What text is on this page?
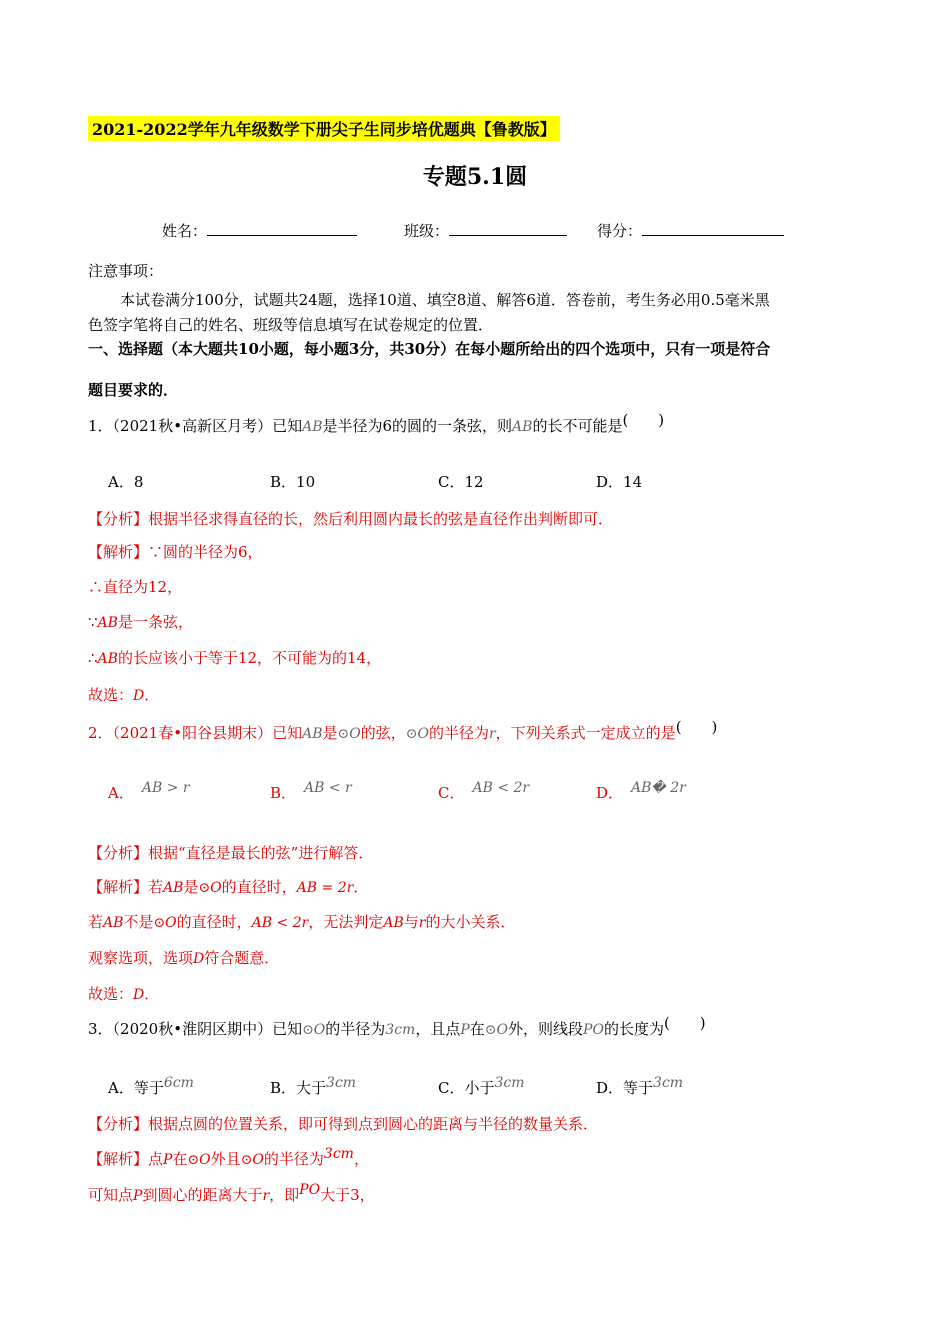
2021-2022学年九年级数学下册尖子生同步培优题典【鲁教版】
专题5.1圆
姓名：	班级：	得分：
注意事项：
本试卷满分100分，试题共24题，选择10道、填空8道、解答6道．答卷前，考生务必用0.5毫米黑
色签字笔将自己的姓名、班级等信息填写在试卷规定的位置．
一、选择题（本大题共10小题，每小题3分，共30分）在每小题所给出的四个选项中，只有一项是符合
题目要求的．
1．（2021秋•高新区月考）已知AB是半径为6的圆的一条弦，则AB的长不可能是(　　)
A．8	B．10	C．12	D．14
【分析】根据半径求得直径的长，然后利用圆内最长的弦是直径作出判断即可．
【解析】∵圆的半径为6，
∴直径为12，
∵AB是一条弦，
∴AB的长应该小于等于12，不可能为的14，
故选：D．
2．（2021春•阳谷县期末）已知AB是⊙O的弦，⊙O的半径为r，下列关系式一定成立的是(　　)
A． AB > r	B． AB < r	C． AB < 2r	D． AB� 2r
【分析】根据“直径是最长的弦”进行解答．
【解析】若AB是⊙O的直径时，AB = 2r．
若AB不是⊙O的直径时，AB < 2r，无法判定AB与r的大小关系．
观察选项，选项D符合题意．
故选：D．
3．（2020秋•淮阴区期中）已知⊙O的半径为3cm，且点P在⊙O外，则线段PO的长度为(　　)
A．等于6cm	B．大于3cm	C．小于3cm	D．等于3cm
【分析】根据点圆的位置关系，即可得到点到圆心的距离与半径的数量关系．
【解析】点P在⊙O外且⊙O的半径为3cm，
可知点P到圆心的距离大于r，即PO大于3，
